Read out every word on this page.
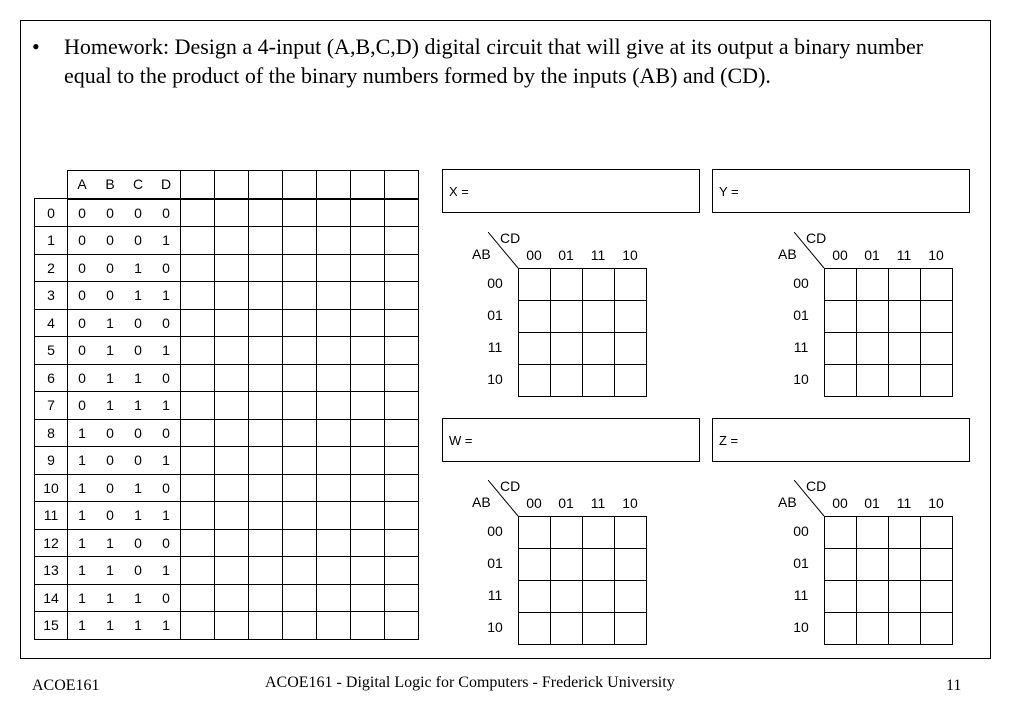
• Homework: Design a 4-input (A,B,C,D) digital circuit that will give at its output a binary number equal to the product of the binary numbers formed by the inputs (AB) and (CD).
	A	B	C	D							
0	0	0	0	0							
1	0	0	0	1							
2	0	0	1	0							
3	0	0	1	1							
4	0	1	0	0							
5	0	1	0	1							
6	0	1	1	0							
7	0	1	1	1							
8	1	0	0	0							
9	1	0	0	1							
10	1	0	1	0							
11	1	0	1	1							
12	1	1	0	0							
13	1	1	0	1							
14	1	1	1	0							
15	1	1	1	1							
X =	Y =
W =	Z =
CD
AB	00	01	11	10
00
01
11
10

CD
AB	00	01	11	10
00
01
11
10

CD
AB	00	01	11	10
00
01
11
10

CD
AB	00	01	11	10
00
01
11
10

ACOE161	ACOE161 - Digital Logic for Computers - Frederick University	11
